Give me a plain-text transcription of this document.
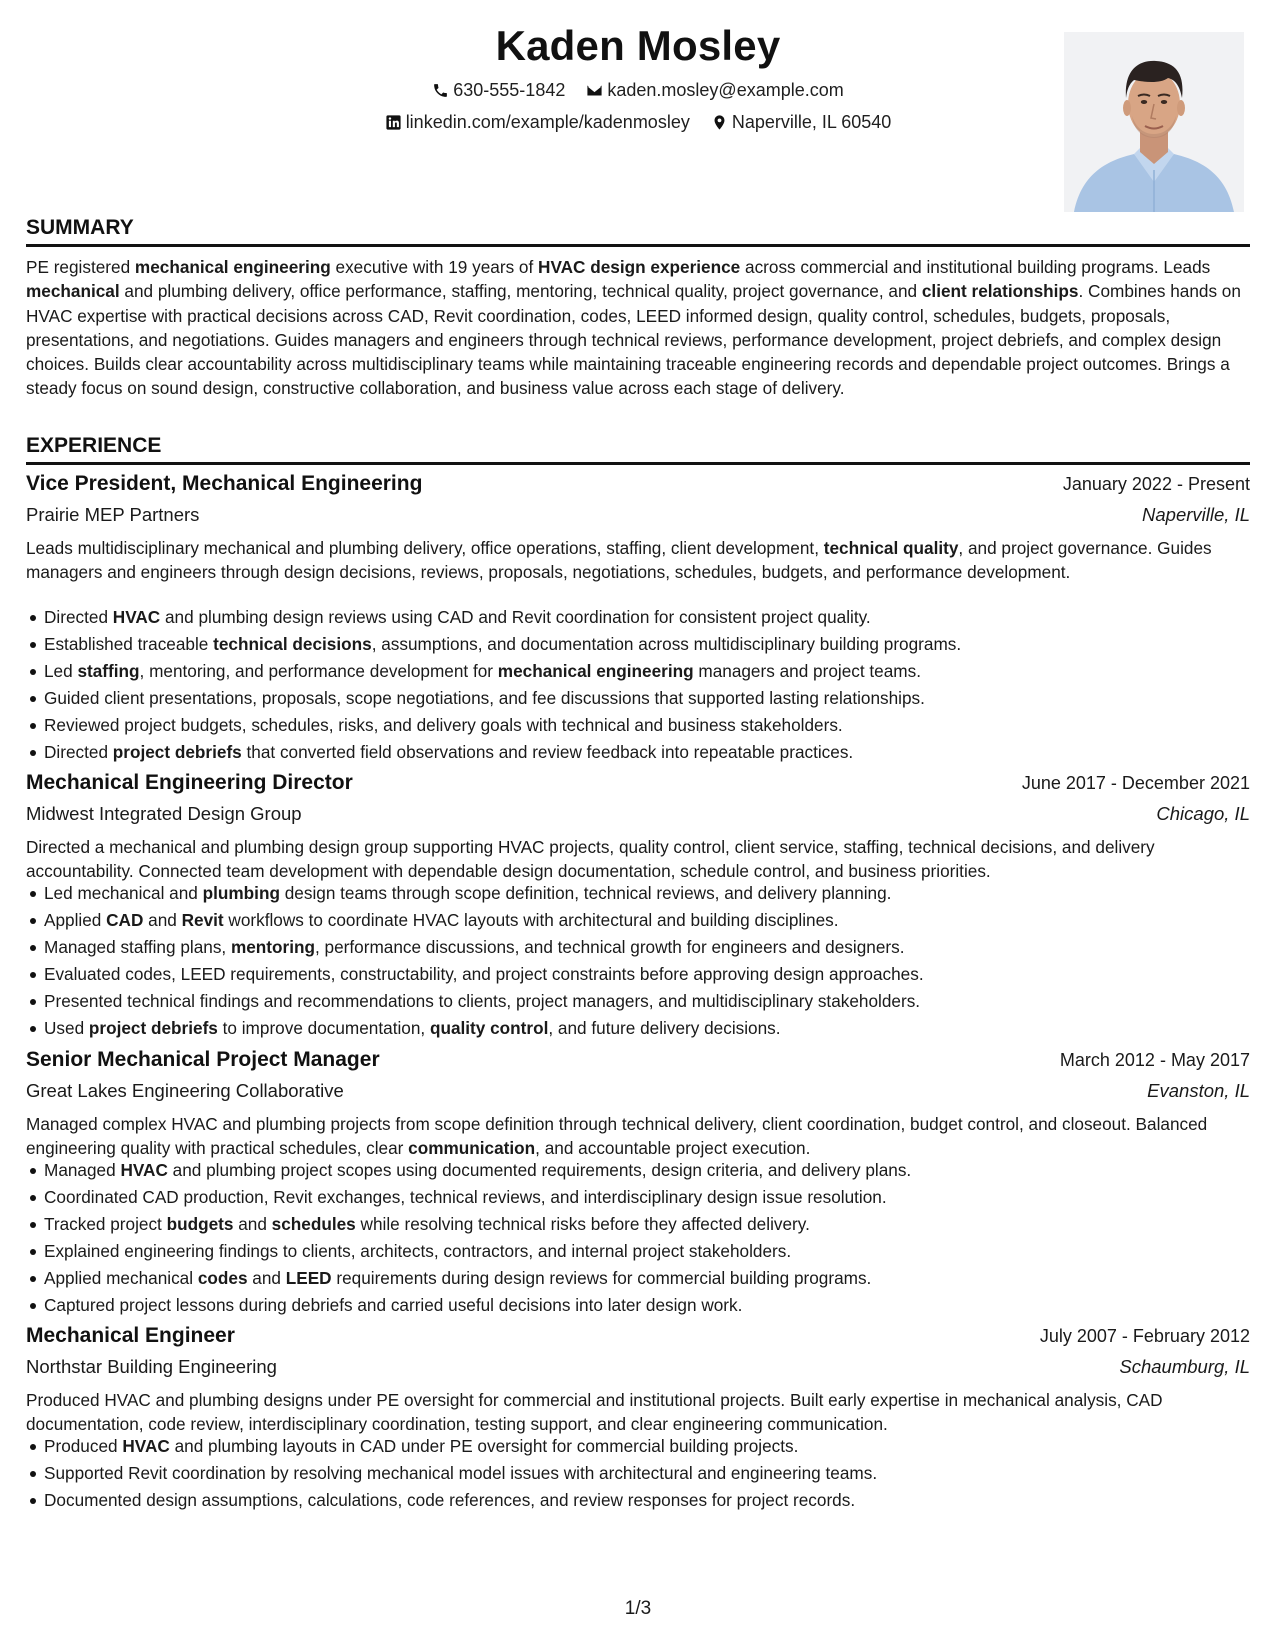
Kaden Mosley
630-555-1842
kaden.mosley@example.com
linkedin.com/example/kadenmosley
Naperville, IL 60540
SUMMARY
PE registered mechanical engineering executive with 19 years of HVAC design experience across commercial and institutional building programs. Leads mechanical and plumbing delivery, office performance, staffing, mentoring, technical quality, project governance, and client relationships. Combines hands on HVAC expertise with practical decisions across CAD, Revit coordination, codes, LEED informed design, quality control, schedules, budgets, proposals, presentations, and negotiations. Guides managers and engineers through technical reviews, performance development, project debriefs, and complex design choices. Builds clear accountability across multidisciplinary teams while maintaining traceable engineering records and dependable project outcomes. Brings a steady focus on sound design, constructive collaboration, and business value across each stage of delivery.
EXPERIENCE
Vice President, Mechanical Engineering	January 2022 - Present
Prairie MEP Partners	Naperville, IL
Leads multidisciplinary mechanical and plumbing delivery, office operations, staffing, client development, technical quality, and project governance. Guides managers and engineers through design decisions, reviews, proposals, negotiations, schedules, budgets, and performance development.
Directed HVAC and plumbing design reviews using CAD and Revit coordination for consistent project quality.
Established traceable technical decisions, assumptions, and documentation across multidisciplinary building programs.
Led staffing, mentoring, and performance development for mechanical engineering managers and project teams.
Guided client presentations, proposals, scope negotiations, and fee discussions that supported lasting relationships.
Reviewed project budgets, schedules, risks, and delivery goals with technical and business stakeholders.
Directed project debriefs that converted field observations and review feedback into repeatable practices.
Mechanical Engineering Director	June 2017 - December 2021
Midwest Integrated Design Group	Chicago, IL
Directed a mechanical and plumbing design group supporting HVAC projects, quality control, client service, staffing, technical decisions, and delivery accountability. Connected team development with dependable design documentation, schedule control, and business priorities.
Led mechanical and plumbing design teams through scope definition, technical reviews, and delivery planning.
Applied CAD and Revit workflows to coordinate HVAC layouts with architectural and building disciplines.
Managed staffing plans, mentoring, performance discussions, and technical growth for engineers and designers.
Evaluated codes, LEED requirements, constructability, and project constraints before approving design approaches.
Presented technical findings and recommendations to clients, project managers, and multidisciplinary stakeholders.
Used project debriefs to improve documentation, quality control, and future delivery decisions.
Senior Mechanical Project Manager	March 2012 - May 2017
Great Lakes Engineering Collaborative	Evanston, IL
Managed complex HVAC and plumbing projects from scope definition through technical delivery, client coordination, budget control, and closeout. Balanced engineering quality with practical schedules, clear communication, and accountable project execution.
Managed HVAC and plumbing project scopes using documented requirements, design criteria, and delivery plans.
Coordinated CAD production, Revit exchanges, technical reviews, and interdisciplinary design issue resolution.
Tracked project budgets and schedules while resolving technical risks before they affected delivery.
Explained engineering findings to clients, architects, contractors, and internal project stakeholders.
Applied mechanical codes and LEED requirements during design reviews for commercial building programs.
Captured project lessons during debriefs and carried useful decisions into later design work.
Mechanical Engineer	July 2007 - February 2012
Northstar Building Engineering	Schaumburg, IL
Produced HVAC and plumbing designs under PE oversight for commercial and institutional projects. Built early expertise in mechanical analysis, CAD documentation, code review, interdisciplinary coordination, testing support, and clear engineering communication.
Produced HVAC and plumbing layouts in CAD under PE oversight for commercial building projects.
Supported Revit coordination by resolving mechanical model issues with architectural and engineering teams.
Documented design assumptions, calculations, code references, and review responses for project records.
1/3
